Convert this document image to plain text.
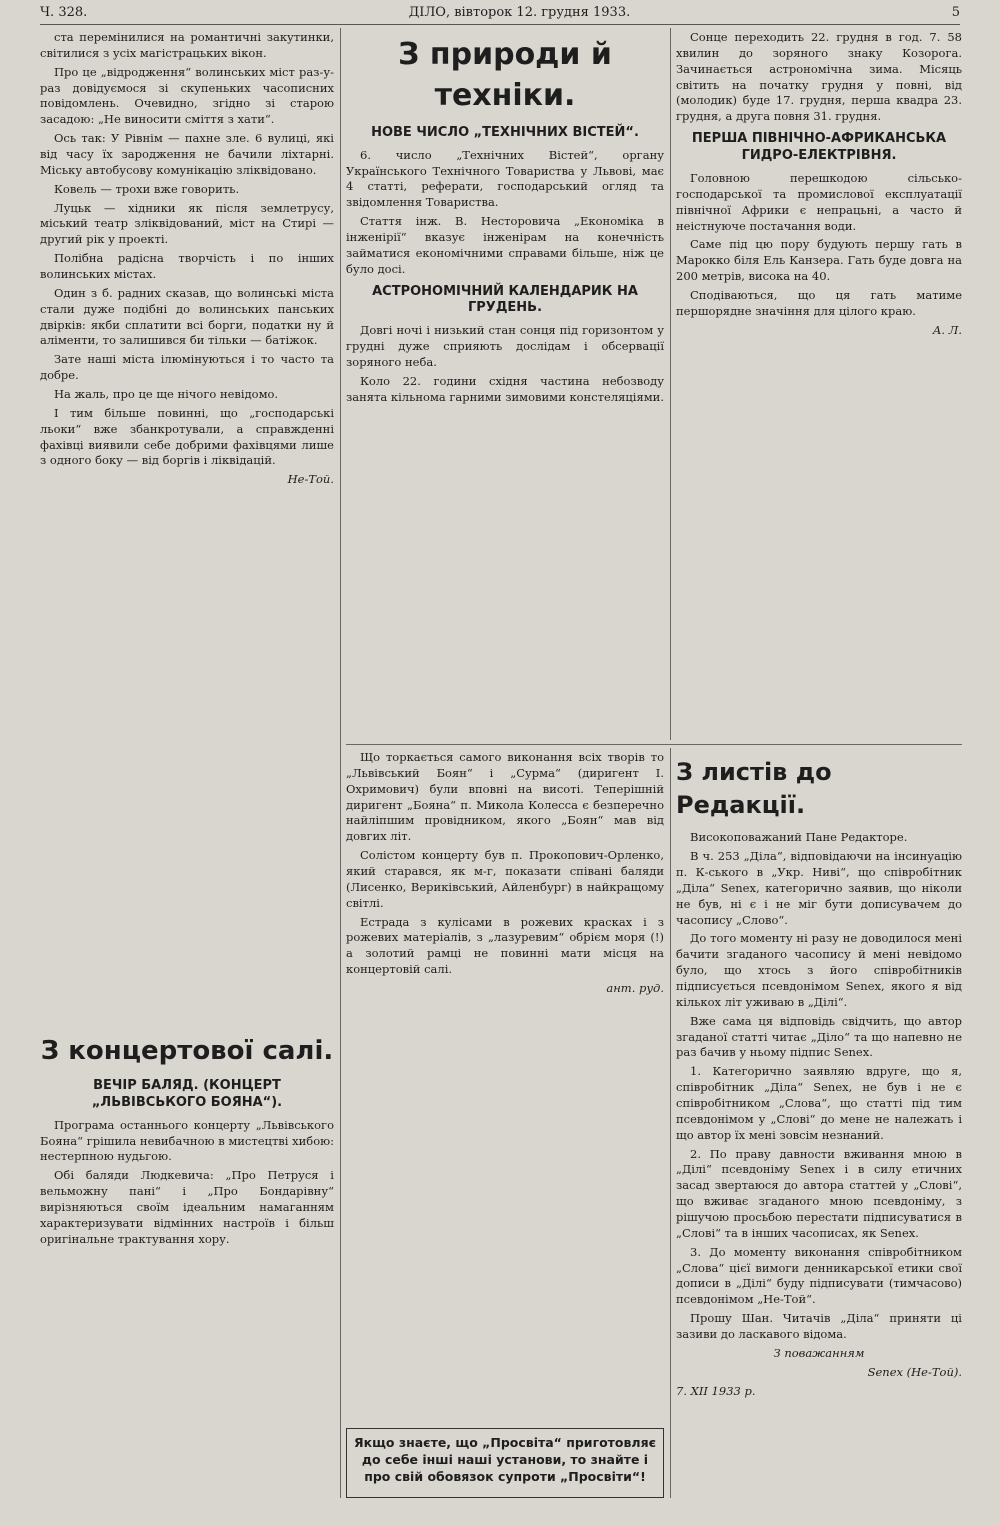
Ч. 328.	ДІЛО, вівторок 12. грудня 1933.	5

ста перемінилися на романтичні закутинки, світилися з усіх магістрацьких вікон.

Про це „відродження“ волинських міст раз-у-раз довідуємося зі скупеньких часописних повідомлень. Очевидно, згідно зі старою засадою: „Не виносити сміття з хати“.

Ось так: У Рівнім — пахне зле. 6 вулиці, які від часу їх зародження не бачили ліхтарні. Міську автобусову комунікацію зліквідовано.

Ковель — трохи вже говорить.

Луцьк — хідники як після землетрусу, міський театр зліквідований, міст на Стирі — другий рік у проекті.

Полібна радісна творчість і по інших волинських містах.

Один з б. радних сказав, що волинські міста стали дуже подібні до волинських панських двірків: якби сплатити всі борги, податки ну й аліменти, то залишився би тільки — батіжок.

Зате наші міста ілюмінуються і то часто та добре.

На жаль, про це ще нічого невідомо.

І тим більше повинні, що „господарські льоки“ вже збанкротували, а справжденні фахівці виявили себе добрими фахівцями лише з одного боку — від боргів і ліквідацій.

Не-Той.

З концертової салі.
ВЕЧІР БАЛЯД. (КОНЦЕРТ „ЛЬВІВСЬКОГО БОЯНА“).

Програма останнього концерту „Львівського Бояна“ грішила невибачною в мистецтві хибою: нестерпною нудьгою.

Обі баляди Людкевича: „Про Петруся і вельможну пані“ і „Про Бондарівну“ вирізняються своїм ідеальним намаганням характеризувати відмінних настроїв і більш оригінальне трактування хору.

Що торкається самого виконання всіх творів то „Львівський Боян“ і „Сурма“ (диригент І. Охримович) були вповні на висоті. Теперішній диригент „Бояна“ п. Микола Колесса є безперечно найліпшим провідником, якого „Боян“ мав від довгих літ.

Солістом концерту був п. Прокопович-Орленко, який старався, як м-г, показати співані баляди (Лисенко, Вериківський, Айленбург) в найкращому світлі.

Естрада з кулісами в рожевих красках і з рожевих матеріалів, з „лазуревим“ обрієм моря (!) а золотий рамці не повинні мати місця на концертовій салі.

ант. руд.

Якщо знаєте, що „Просвіта“ приготовляє до себе інші наші установи, то знайте і про свій обовязок супроти „Просвіти“!
З природи й техніки.
НОВЕ ЧИСЛО „ТЕХНІЧНИХ ВІСТЕЙ“.

6. число „Технічних Вістей“, органу Українського Технічного Товариства у Львові, має 4 статті, реферати, господарський огляд та звідомлення Товариства.

Стаття інж. В. Несторовича „Економіка в інженірії“ вказує інженірам на конечність займатися економічними справами більше, ніж це було досі.

АСТРОНОМІЧНИЙ КАЛЕНДАРИК НА ГРУДЕНЬ.

Довгі ночі і низький стан сонця під горизонтом у грудні дуже сприяють дослідам і обсервації зоряного неба.

Коло 22. години східня частина небозводу занята кільнома гарними зимовими констеляціями.

Сонце переходить 22. грудня в год. 7. 58 хвилин до зоряного знаку Козорога. Зачинається астрономічна зима. Місяць світить на початку грудня у повні, від (молодик) буде 17. грудня, перша квадра 23. грудня, а друга повня 31. грудня.

ПЕРША ПІВНІЧНО-АФРИКАНСЬКА ГИДРО-ЕЛЕКТРІВНЯ.

Головною перешкодою сільсько-господарської та промислової експлуатації північної Африки є непрацьні, а часто й неістнуюче постачання води.

Саме під цю пору будують першу гать в Марокко біля Ель Канзера. Гать буде довга на 200 метрів, висока на 40.

Сподіваються, що ця гать матиме першорядне значіння для цілого краю.

А. Л.

З листів до Редакції.

Високоповажаний Пане Редакторе.

В ч. 253 „Діла“, відповідаючи на інсинуацію п. К-ського в „Укр. Ниві“, що співробітник „Діла“ Senex, категорично заявив, що ніколи не був, ні є і не міг бути дописувачем до часопису „Слово“.

До того моменту ні разу не доводилося мені бачити згаданого часопису й мені невідомо було, що хтось з його співробітників підписується псевдонімом Senex, якого я від кількох літ уживаю в „Ділі“.

Вже сама ця відповідь свідчить, що автор згаданої статті читає „Діло“ та що напевно не раз бачив у ньому підпис Senex.

1. Категорично заявляю вдруге, що я, співробітник „Діла“ Senex, не був і не є співробітником „Слова“, що статті під тим псевдонімом у „Слові“ до мене не належать і що автор їх мені зовсім незнаний.

2. По праву давности вживання мною в „Ділі“ псевдоніму Senex і в силу етичних засад звертаюся до автора статтей у „Слові“, що вживає згаданого мною псевдоніму, з рішучою просьбою перестати підписуватися в „Слові“ та в інших часописах, як Senex.

3. До моменту виконання співробітником „Слова“ цієї вимоги денникарської етики свої дописи в „Ділі“ буду підписувати (тимчасово) псевдонімом „Не-Той“.

Прошу Шан. Читачів „Діла“ приняти ці зазиви до ласкавого відома.

З поважанням

Senex (Не-Той).

7. XII 1933 р.
